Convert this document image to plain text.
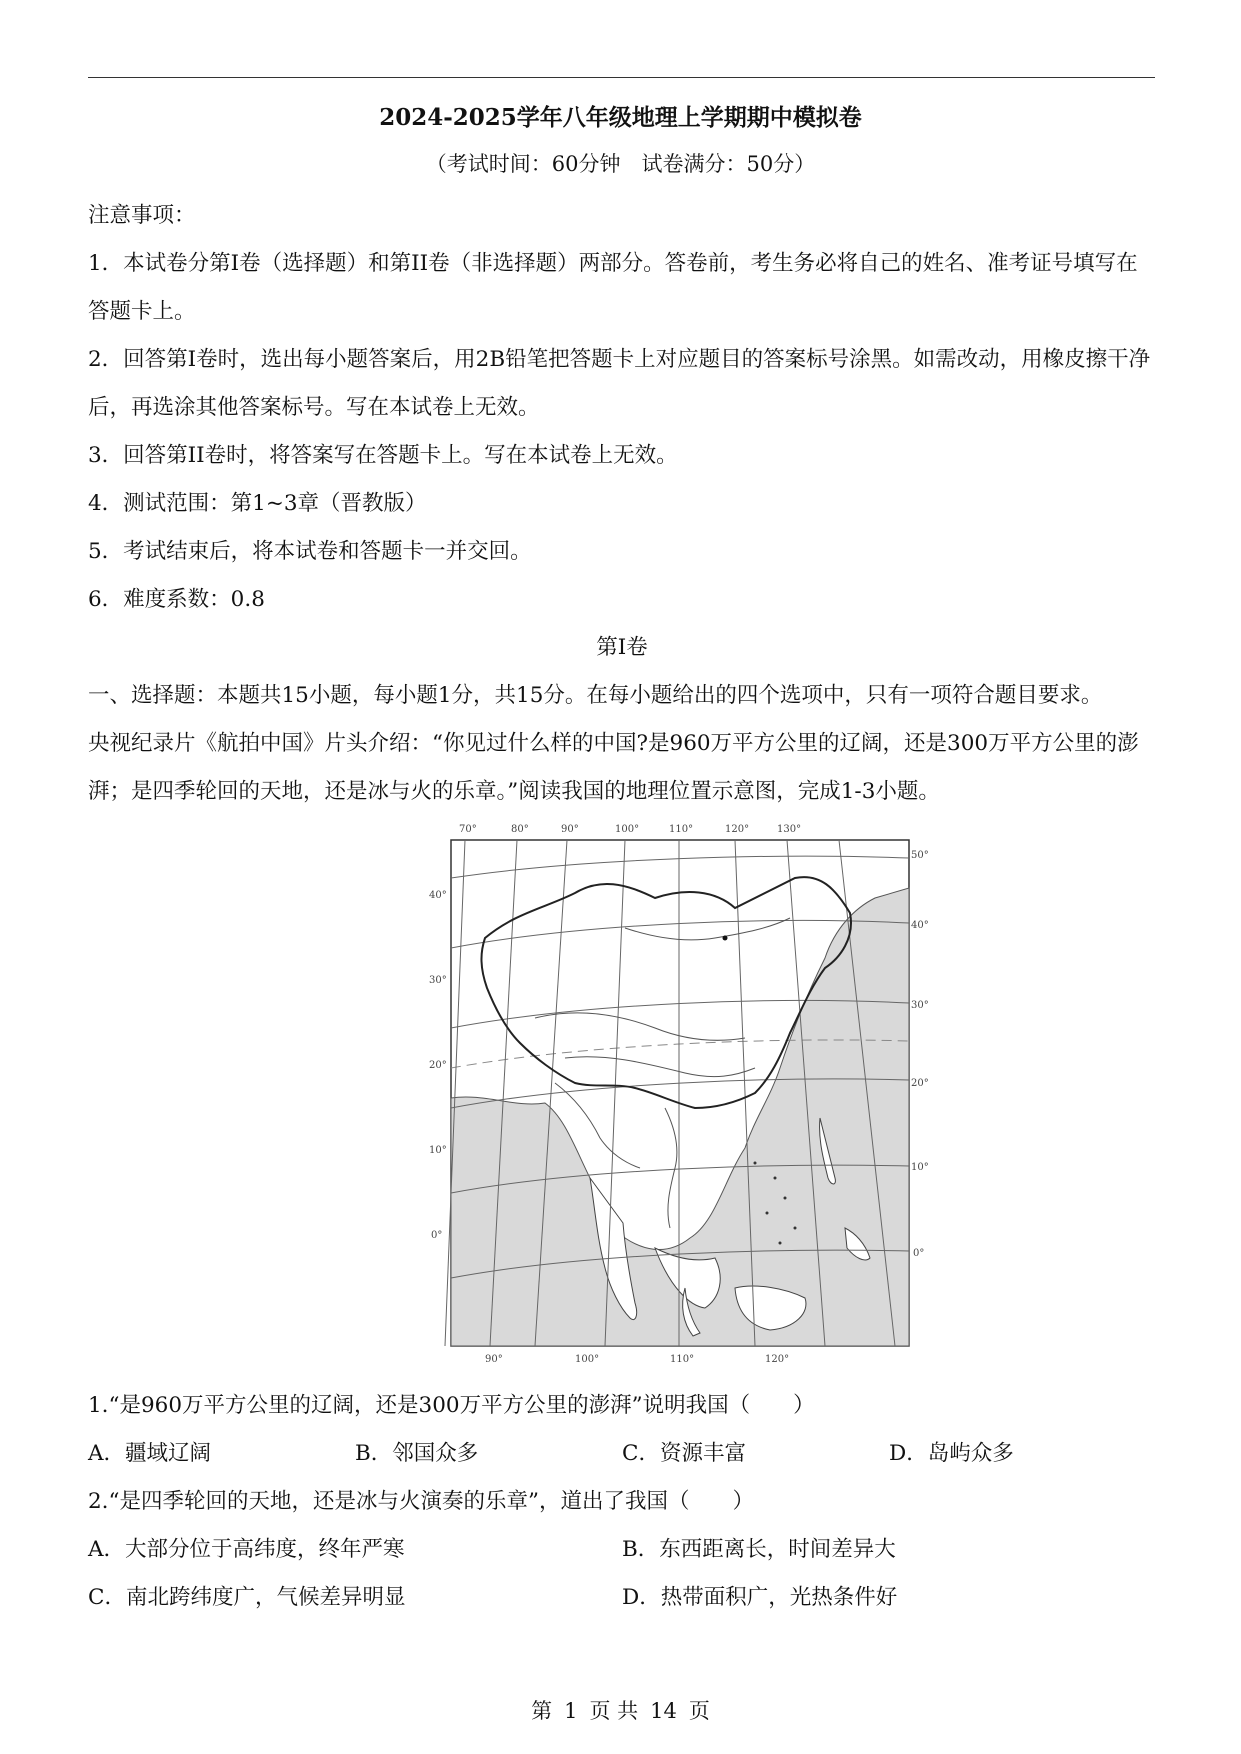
2024-2025学年八年级地理上学期期中模拟卷
（考试时间：60分钟　试卷满分：50分）

注意事项：

1．本试卷分第I卷（选择题）和第II卷（非选择题）两部分。答卷前，考生务必将自己的姓名、准考证号填写在答题卡上。

2．回答第I卷时，选出每小题答案后，用2B铅笔把答题卡上对应题目的答案标号涂黑。如需改动，用橡皮擦干净后，再选涂其他答案标号。写在本试卷上无效。

3．回答第II卷时，将答案写在答题卡上。写在本试卷上无效。

4．测试范围：第1~3章（晋教版）

5．考试结束后，将本试卷和答题卡一并交回。

6．难度系数：0.8

第I卷

一、选择题：本题共15小题，每小题1分，共15分。在每小题给出的四个选项中，只有一项符合题目要求。

央视纪录片《航拍中国》片头介绍：“你见过什么样的中国?是960万平方公里的辽阔，还是300万平方公里的澎湃；是四季轮回的天地，还是冰与火的乐章。”阅读我国的地理位置示意图，完成1-3小题。

70°	80°	90°	100°	110°	120°	130°
90°	100°	110°	120°
40°
30°
20°
10°
0°
50°
40°
30°
20°
10°
0°

1.“是960万平方公里的辽阔，还是300万平方公里的澎湃”说明我国（　　）

A．疆域辽阔	B．邻国众多	C．资源丰富	D．岛屿众多

2.“是四季轮回的天地，还是冰与火演奏的乐章”，道出了我国（　　）

A．大部分位于高纬度，终年严寒	B．东西距离长，时间差异大
C．南北跨纬度广，气候差异明显	D．热带面积广，光热条件好
第 1 页 共 14 页
